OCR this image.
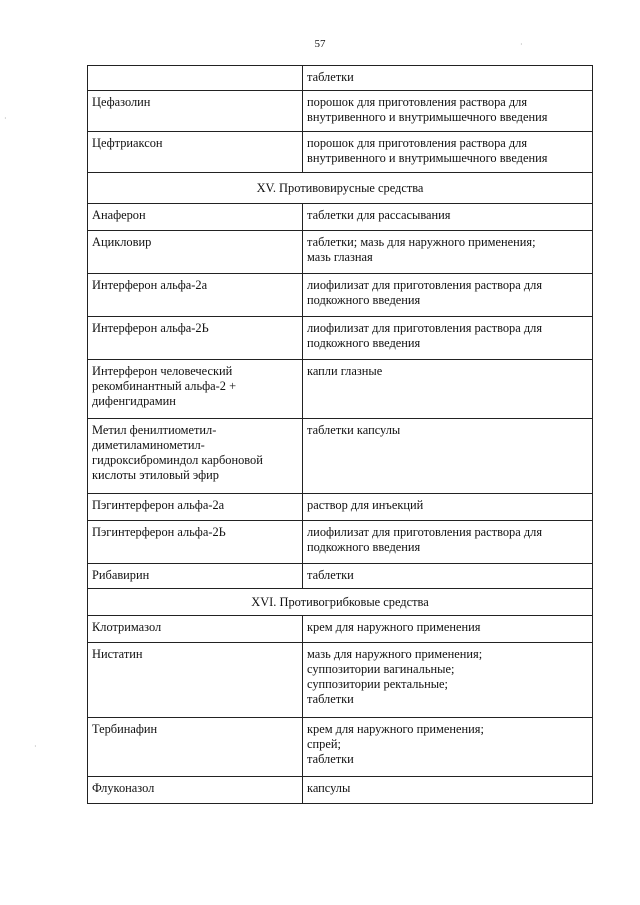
57
·
·
·

	таблетки

Цефазолин	порошок для приготовления раствора для
внутривенного и внутримышечного введения

Цефтриаксон	порошок для приготовления раствора для
внутривенного и внутримышечного введения

XV. Противовирусные средства	

Анаферон	таблетки для рассасывания

Ацикловир	таблетки; мазь для наружного применения;
мазь глазная

Интерферон альфа-2а	лиофилизат для приготовления раствора для
подкожного введения

Интерферон альфа-2Ь	лиофилизат для приготовления раствора для
подкожного введения

Интерферон человеческий
рекомбинантный альфа-2 +
дифенгидрамин	капли глазные

Метил фенилтиометил-
диметиламинометил-
гидроксиброминдол карбоновой
кислоты этиловый эфир	таблетки капсулы

Пэгинтерферон альфа-2а	раствор для инъекций

Пэгинтерферон альфа-2Ь	лиофилизат для приготовления раствора для
подкожного введения

Рибавирин	таблетки

XVI. Противогрибковые средства	

Клотримазол	крем для наружного применения

Нистатин	мазь для наружного применения;
суппозитории вагинальные;
суппозитории ректальные;
таблетки

Тербинафин	крем для наружного применения;
спрей;
таблетки

Флуконазол	капсулы
